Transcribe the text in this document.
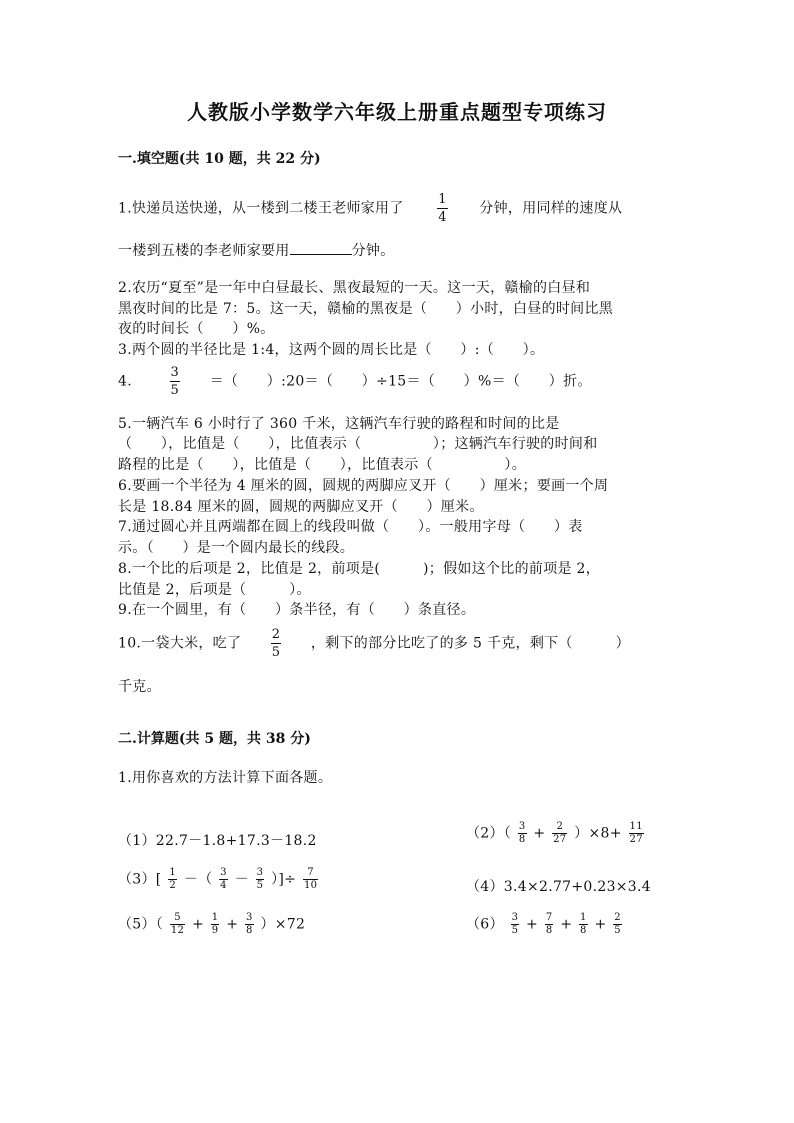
人教版小学数学六年级上册重点题型专项练习
一.填空题(共 10 题，共 22 分)
1.快递员送快递，从一楼到二楼王老师家用了	$\frac{1}{4}$ 分钟，用同样的速度从
一楼到五楼的李老师家要用	分钟。
2.农历“夏至”是一年中白昼最长、黑夜最短的一天。这一天，赣榆的白昼和
黑夜时间的比是 7：5。这一天，赣榆的黑夜是（　　）小时，白昼的时间比黑
夜的时间长（　　）%。
3.两个圆的半径比是 1:4，这两个圆的周长比是（　　）:（　　）。
4.	$\frac{3}{5}$ ＝（　　）:20＝（　　）÷15＝（　　）%＝（　　）折。
5.一辆汽车 6 小时行了 360 千米，这辆汽车行驶的路程和时间的比是
（　　），比值是（　　），比值表示（　　　　　）；这辆汽车行驶的时间和
路程的比是（　　），比值是（　　），比值表示（　　　　　）。
6.要画一个半径为 4 厘米的圆，圆规的两脚应叉开（　　）厘米；要画一个周
长是 18.84 厘米的圆，圆规的两脚应叉开（　　）厘米。
7.通过圆心并且两端都在圆上的线段叫做（　　）。一般用字母（　　）表
示。（　　）是一个圆内最长的线段。
8.一个比的后项是 2，比值是 2，前项是(　　　)；假如这个比的前项是 2，
比值是 2，后项是（　　　）。
9.在一个圆里，有（　　）条半径，有（　　）条直径。
10.一袋大米，吃了 $\frac{2}{5}$ ，剩下的部分比吃了的多 5 千克，剩下（　　　）
千克。
二.计算题(共 5 题，共 38 分)
1.用你喜欢的方法计算下面各题。
（1）22.7－1.8+17.3－18.2	$(2)( \frac{3}{8} + \frac{2}{27} )\times 8+ \frac{11}{27}$
$(3)[ \frac{1}{2}$ －（ $\frac{3}{4} - \frac{3}{5}$ ）]÷ $\frac{7}{10}$	（4）3.4×2.77+0.23×3.4
$(5)( \frac{5}{12} + \frac{1}{9} + \frac{3}{8} )\times 72$	$(6) \frac{3}{5} + \frac{7}{8} + \frac{1}{8} + \frac{2}{5}$
